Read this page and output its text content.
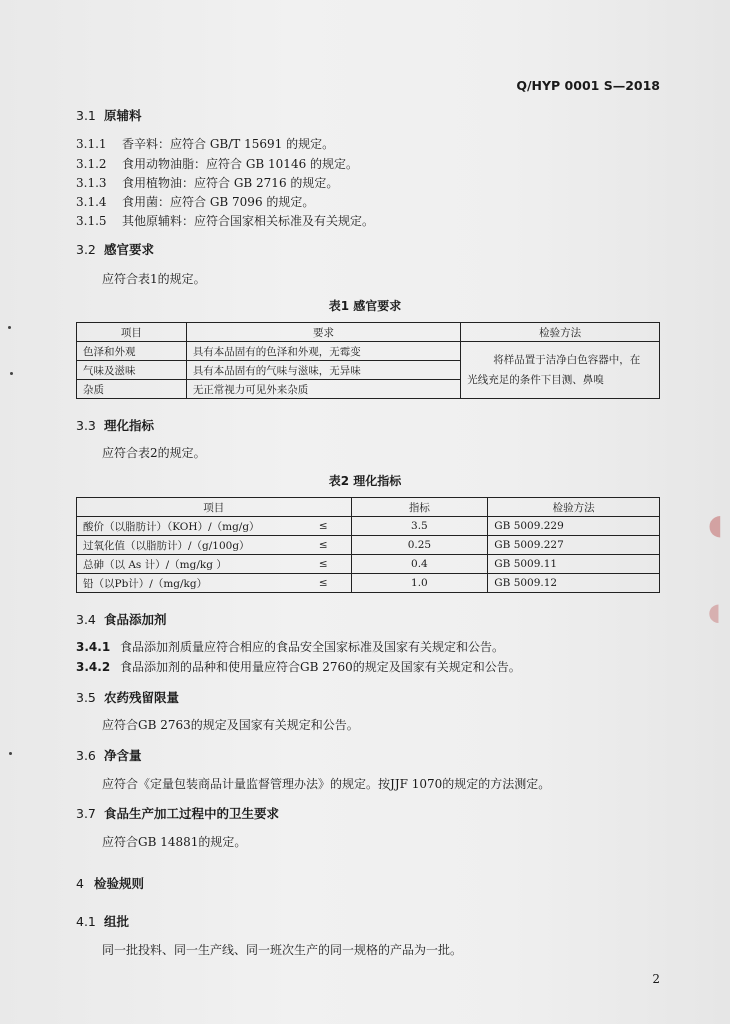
Q/HYP 0001 S—2018
3.1 原辅料
3.1.1 香辛料：应符合 GB/T 15691 的规定。
3.1.2 食用动物油脂：应符合 GB 10146 的规定。
3.1.3 食用植物油：应符合 GB 2716 的规定。
3.1.4 食用菌：应符合 GB 7096 的规定。
3.1.5 其他原辅料：应符合国家相关标准及有关规定。
3.2 感官要求
应符合表1的规定。
表1 感官要求
项目	要求	检验方法
色泽和外观	具有本品固有的色泽和外观，无霉变	将样品置于洁净白色容器中，在
光线充足的条件下目测、鼻嗅

气味及滋味	具有本品固有的气味与滋味，无异味	
杂质	无正常视力可见外来杂质	
3.3 理化指标
应符合表2的规定。
表2 理化指标
项目		指标	检验方法
酸价（以脂肪计）（KOH）/（mg/g）	≤	3.5	GB 5009.229
过氧化值（以脂肪计）/（g/100g）	≤	0.25	GB 5009.227
总砷（以 As 计）/（mg/kg ）	≤	0.4	GB 5009.11
铅（以Pb计）/（mg/kg）	≤	1.0	GB 5009.12
3.4 食品添加剂
3.4.1 食品添加剂质量应符合相应的食品安全国家标准及国家有关规定和公告。
3.4.2 食品添加剂的品种和使用量应符合GB 2760的规定及国家有关规定和公告。
3.5 农药残留限量
应符合GB 2763的规定及国家有关规定和公告。
3.6 净含量
应符合《定量包装商品计量监督管理办法》的规定。按JJF 1070的规定的方法测定。
3.7 食品生产加工过程中的卫生要求
应符合GB 14881的规定。
4 检验规则
4.1 组批
同一批投料、同一生产线、同一班次生产的同一规格的产品为一批。
2
◖
◖
